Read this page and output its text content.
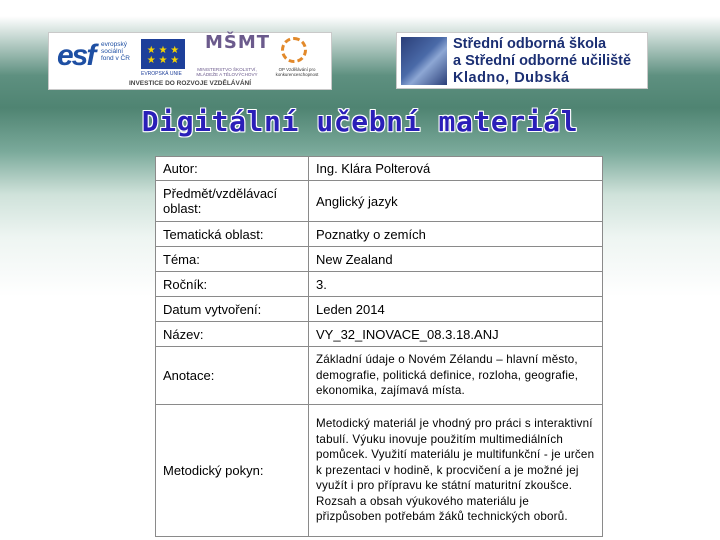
esf evropský
sociální
fond v ČR
★ ★ ★
★ ★ ★
EVROPSKÁ UNIE
MŠMT
MINISTERSTVO ŠKOLSTVÍ, MLÁDEŽE A TĚLOVÝCHOVY
OP Vzdělávání pro konkurenceschopnost
INVESTICE DO ROZVOJE VZDĚLÁVÁNÍ
Střední odborná škola
a Střední odborné učiliště
Kladno, Dubská
Digitální učební materiál
Autor:	Ing. Klára Polterová
Předmět/vzdělávací oblast:	Anglický jazyk
Tematická oblast:	Poznatky o zemích
Téma:	New Zealand
Ročník:	3.
Datum vytvoření:	Leden 2014
Název:	VY_32_INOVACE_08.3.18.ANJ
Anotace:	Základní údaje o Novém Zélandu – hlavní město, demografie, politická definice, rozloha, geografie, ekonomika, zajímavá místa.
Metodický pokyn:	Metodický materiál je vhodný pro práci s interaktivní tabulí. Výuku inovuje použitím multimediálních pomůcek. Využití materiálu je multifunkční - je určen k prezentaci v hodině, k procvičení a je možné jej využít i pro přípravu ke státní maturitní zkoušce. Rozsah a obsah výukového materiálu je přizpůsoben potřebám žáků technických oborů.
